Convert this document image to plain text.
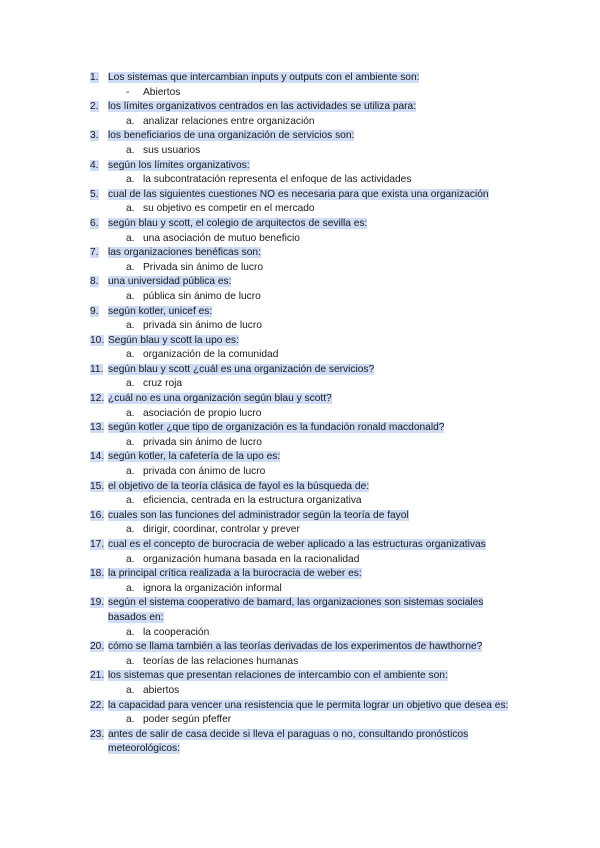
1. Los sistemas que intercambian inputs y outputs con el ambiente son:
-	Abiertos
2. los límites organizativos centrados en las actividades se utiliza para:
a. analizar relaciones entre organización
3. los beneficiarios de una organización de servicios son:
a. sus usuarios
4. según los límites organizativos:
a. la subcontratación representa el enfoque de las actividades
5. cual de las siguientes cuestiones NO es necesaria para que exista una organización
a. su objetivo es competir en el mercado
6. según blau y scott, el colegio de arquitectos de sevilla es:
a. una asociación de mutuo beneficio
7. las organizaciones benéficas son:
a. Privada sin ánimo de lucro
8. una universidad pública es:
a. pública sin ánimo de lucro
9. según kotler, unicef es:
a. privada sin ánimo de lucro
10. Según blau y scott la upo es:
a. organización de la comunidad
11. según blau y scott ¿cuál es una organización de servicios?
a. cruz roja
12. ¿cuál no es una organización según blau y scott?
a. asociación de propio lucro
13. según kotler ¿que tipo de organización es la fundación ronald macdonald?
a. privada sin ánimo de lucro
14. según kotler, la cafetería de la upo es:
a. privada con ánimo de lucro
15. el objetivo de la teoría clásica de fayol es la búsqueda de:
a. eficiencia, centrada en la estructura organizativa
16. cuales son las funciones del administrador según la teoría de fayol
a. dirigir, coordinar, controlar y prever
17. cual es el concepto de burocracia de weber aplicado a las estructuras organizativas
a. organización humana basada en la racionalidad
18. la principal crítica realizada a la burocracia de weber es:
a. ignora la organización informal
19. según el sistema cooperativo de bamard, las organizaciones son sistemas sociales basados en:
a. la cooperación
20. cómo se llama también a las teorías derivadas de los experimentos de hawthorne?
a. teorías de las relaciones humanas
21. los sistemas que presentan relaciones de intercambio con el ambiente son:
a. abiertos
22. la capacidad para vencer una resistencia que le permita lograr un objetivo que desea es:
a. poder según pfeffer
23. antes de salir de casa decide si lleva el paraguas o no, consultando pronósticos meteorológicos:
